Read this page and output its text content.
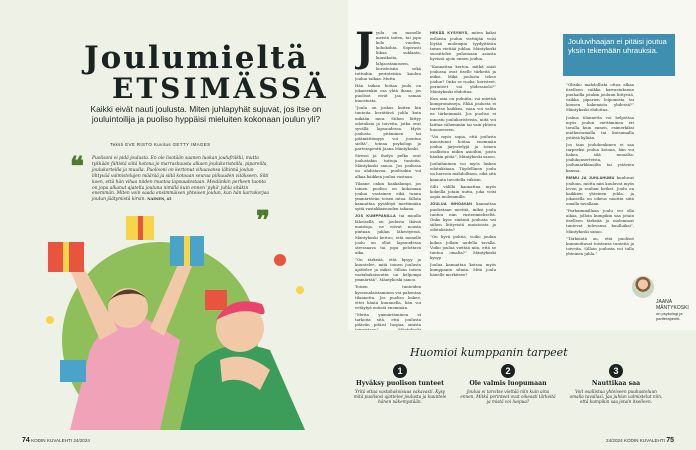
Joulumieltä
ETSIMÄSSÄ
Kaikki eivät nauti joulusta. Miten juhlapyhät sujuvat, jos itse on jouluintoilija ja puoliso hyppäisi mieluiten kokonaan joulun yli?
Teksti EVE RISTO Kuvitus GETTY IMAGES
❝ Puolisoni ei pidä joulusta. En ole lisotään saanen luokan joulufriikki, mutta tykkään fiiltistä siitä kotona jo marraskuusta alkaen joulukoristeilla, pipareilla, joulukorteilla ja muulla. Puolisoni on kertonut vihaavansa lähinnä joulun lihtyvää valmistelujen määrää ja siitä kotoaan seuraa piikuuden vitäkseen. Silti koen, että hän vihaa niiden muotoa lapsuudestaan. Meidänkin perheen luonta on jopa alkanut ajatella jouluna nimillä kuin ennen 'pyhä' juhla sitäkin enemmän. Miten voin saada ensimmäisen yhteisen joulun, kun hän karrakorjaa joulun jäätymistä kirsin. NAINEN, 45
❞
74 KODIN KUVALEHTI 24/2024

Jyulu on monelle meistä taiten, tai jopa kolo vuoden, kohokohta. Sopivasti liikaa suklaata, kuusikoita, lahjaostamiseen, koristeisiin sekä tuttuihin perinteisiin kuuluu joulun taikaa. Mutta

Hän taikaa hoitaa joulu on jokaisenkin osa yhtä ihana, jos puolisot eivät jaa samaa innostusta.

”Joulu on joskus kuiten kin tunteita herättävä juhla kuin mikään muu. Siihen liittyy odotuksia ja toiveita, jotka ovat syvällä lapsuudessa. Myös joulusta pitäminen tai pitämättömyys voi juontua sieltä”, toteaa psykologi ja parterapeutti Jaana Mäntykoski.

Stressi ja ihofyo pelko ovat joulustakin tuttuja tunteita, Mäntykoski sanoo. Jos joulussa on ahdistavaa, puolisokin voi alkaa kaikkea joulua vastaan.

Tilanne onkin hankalampi, jos toinen puoliso on kokonaan joulun vastainen eikä tunnu ymmärtävän toisen intoa. Silloin kannattaa pysähtyä miettimään syitä vastakkaisuuden takana.

JOS KUMPPANILLA tai muulla läheisellä on joulusta ikäviä muistoja, ne voivat nousta pintaan juhlan lähestyessä. Mäntykoski kertoo, että monelle joulu on ollut lapsuudessa stressaava tai jopa pelottava aika.

”On tärkeää, että kysyy ja kuuntelee, mitä toinen joulusta ajattelee ja miksi. Silloin toisen vastahakoisuutta on helpompi ymmärtää”, Mäntykoski sanoo.

Toisen tunteiden kyseenalaistaminen voi pahentaa tilannetta. Jos puoliso kokee, ettei häntä kuunnella, hän voi vetäytyä entistä enemmän.

”Mutta ymmärtäminen ei tarkoita sitä, että joulusta pitävän pitäisi luopua omista

HEKÄÄ KYSYMYS, miten kaksi erilaista joulun viettäjää voisi löytää molempia tyydyttävän tavan viettää juhlaa. Mäntykoski suosittelee puhumaan asiasta hyvissä ajoin ennen joulua.

”Kannattaa kertoa, mitkä asiat joulussa ovat itselle tärkeitä ja miksi. Mikä joulusta tekee joulun? Onko se ruoka, koristeet, perinteet vai yhdessäolo?” Mäntykoski ehdottaa.

Kun asia on puhuttu, voi miettiä kompromisseja. Ehkä joulusta ei tarvitse kaikkea, vaan voi valita ne tärkeimmät. Jos puoliso ei innostu joulukoristeista, niitä voi laittaa vähemmän tai vain yhteen huoneeseen.

”Voi myös sopia, että joulusta innostunut hoitaa enemmän joulun järjestelyjä ja toinen osallistuu niihin asioihin, joista hänkin pitää”, Mäntykoski sanoo.

Jouluihminen voi myös laskea odotuksiaan. Täydellinen joulu on harvoin mahdollinen, eikä sitä kannata tavoitella väkisin.

Silti välillä kannattaa myös kokeilla jotain uutta, joka voisi sopia molemmille.

JOULUA INHOAVAN kannattaa puolestaan miettiä, miksi joulu tuntuu niin vastenmieliseltä. Onko kyse sinänsä joulusta vai siihen liittyvistä muistoista ja odotuksista?

”On hyvä pohtia, voiko joulun kokea jollain uudella tavalla. Voiko joulua viettää niin, että se tuntuu omalta?” Mäntykoski kysyy.

Joulua kannattaa katsoa myös kumppanin silmin. Mitä joulu hänelle merkitsee?

”Olisiko mahdollista ottaa alkaa itselleen vaikka harrastuksena puuhailla jotakin jouluun liittyvää, vaikka piparien leipomista tai kuusen hakemista yhdessä?” Mäntykoski ehdottaa.

Joskus tilannetta voi helpottaa myös joulun viettäminen eri tavalla kuin ennen, esimerkiksi matkustamalla tai kutsumalla ystäviä kylään.

Jos taas jouluhenkinen ei saa tarpeeksi joulua kotona, hän voi hakea sitä muualta: joulukonserteista, joulumarkkinoilta tai ystävien kanssa.

RIEMU JA JUHLAHUMU kuuluvat jouluun, mutta niin kuuluvat myös levon ja rauhan hetket. Joulu on kaikkien yhteinen juhla, ja jokaisella on oikeus nauttia siitä omalla tavallaan.

”Parhaimmillaan joulu voi olla aikaa, jolloin kumpikin saa jotain itselleen tärkeää ja molemmat tuntevat tulevansa kuulluiksi”, Mäntykoski sanoo.

”Tärkeintä on, että puolisot kunnioittavat toistensa tunteita ja toiveita. Silloin joulusta voi tulla yhteinen juhla.”

Jouluvihaajan ei pitäisi joutua yksin tekemään uhrauksia.
JAANA
MÄNTYKOSKI
on psykologi ja pariterapeutti.
Huomioi kumppanin tarpeet
1
Hyväksy puolison tunteet
Yritä ottaa vastahakoisuus vakavasti. Kysy mitä puolisosi ajattelee joulusta ja kuuntele hänen näkemystään.
2
Ole valmis luopumaan
Joulua ei tarvitse viettää niin kuin aina ennen. Mitkä perinteet ovat oikeasti tärkeitä ja mistä voi luopua?
3
Nauttikaa saa
Voit osallistua yhteiseen puuhasteluun omalla tavallasi. Jaa juhlan valmistelut niin, että kumpikin saa jotain itselleen.
24/2024 KODIN KUVALEHTI 75
